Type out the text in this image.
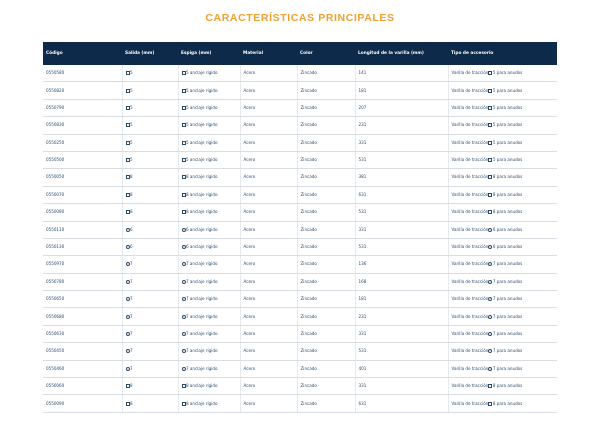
CARACTERÍSTICAS PRINCIPALES
Código	Salida (mm)	Espiga (mm)	Material	Color	Longitud de la varilla (mm)	Tipo de accesorio
0550580	5	5 anclaje rígido	Acero	Zincado	141	Varilla de tracción 5 para anudos
0550820	5	5 anclaje rígido	Acero	Zincado	181	Varilla de tracción 5 para anudos
0550790	5	5 anclaje rígido	Acero	Zincado	207	Varilla de tracción 5 para anudos
0550830	5	5 anclaje rígido	Acero	Zincado	231	Varilla de tracción 5 para anudos
0550250	5	5 anclaje rígido	Acero	Zincado	331	Varilla de tracción 5 para anudos
0550500	5	5 anclaje rígido	Acero	Zincado	531	Varilla de tracción 5 para anudos
0550050	8	8 anclaje rígido	Acero	Zincado	381	Varilla de tracción 8 para anudos
0550070	8	8 anclaje rígido	Acero	Zincado	631	Varilla de tracción 8 para anudos
0550080	8	8 anclaje rígido	Acero	Zincado	531	Varilla de tracción 8 para anudos
0550110	6	6 anclaje rígido	Acero	Zincado	331	Varilla de tracción 6 para anudos
0550130	6	6 anclaje rígido	Acero	Zincado	531	Varilla de tracción 6 para anudos
0550970	7	7 anclaje rígido	Acero	Zincado	136	Varilla de tracción 7 para anudos
0550780	7	7 anclaje rígido	Acero	Zincado	168	Varilla de tracción 7 para anudos
0550650	7	7 anclaje rígido	Acero	Zincado	181	Varilla de tracción 7 para anudos
0550680	7	7 anclaje rígido	Acero	Zincado	231	Varilla de tracción 7 para anudos
0550630	7	7 anclaje rígido	Acero	Zincado	331	Varilla de tracción 7 para anudos
0550450	7	7 anclaje rígido	Acero	Zincado	531	Varilla de tracción 7 para anudos
0550460	7	7 anclaje rígido	Acero	Zincado	401	Varilla de tracción 7 para anudos
0550060	8	8 anclaje rígido	Acero	Zincado	331	Varilla de tracción 8 para anudos
0550090	8	8 anclaje rígido	Acero	Zincado	631	Varilla de tracción 8 para anudos
